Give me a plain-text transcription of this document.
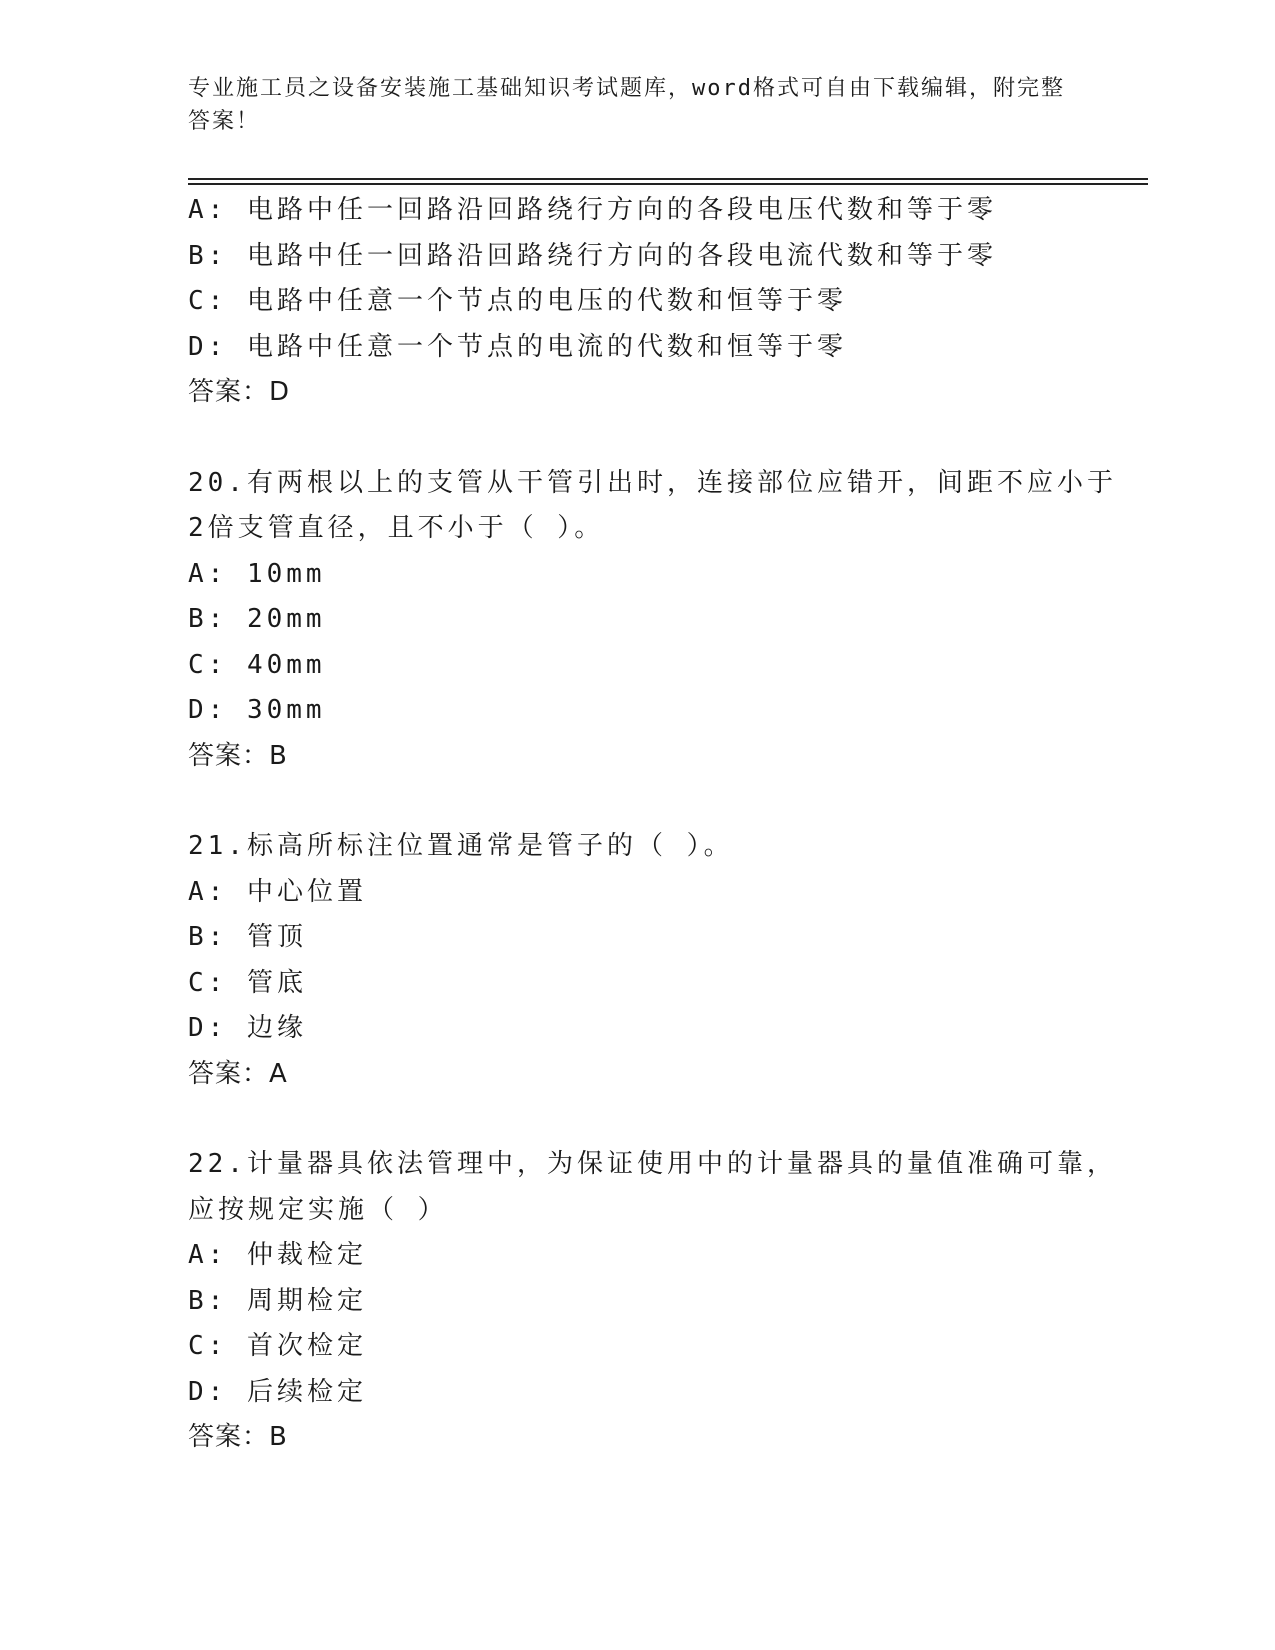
专业施工员之设备安装施工基础知识考试题库，word格式可自由下载编辑，附完整答案！
A: 电路中任一回路沿回路绕行方向的各段电压代数和等于零
B: 电路中任一回路沿回路绕行方向的各段电流代数和等于零
C: 电路中任意一个节点的电压的代数和恒等于零
D: 电路中任意一个节点的电流的代数和恒等于零
答案：D
20.有两根以上的支管从干管引出时，连接部位应错开，间距不应小于
2倍支管直径，且不小于（ ）。
A: 10mm
B: 20mm
C: 40mm
D: 30mm
答案：B
21.标高所标注位置通常是管子的（ ）。
A: 中心位置
B: 管顶
C: 管底
D: 边缘
答案：A
22.计量器具依法管理中，为保证使用中的计量器具的量值准确可靠，
应按规定实施（ ）
A: 仲裁检定
B: 周期检定
C: 首次检定
D: 后续检定
答案：B
